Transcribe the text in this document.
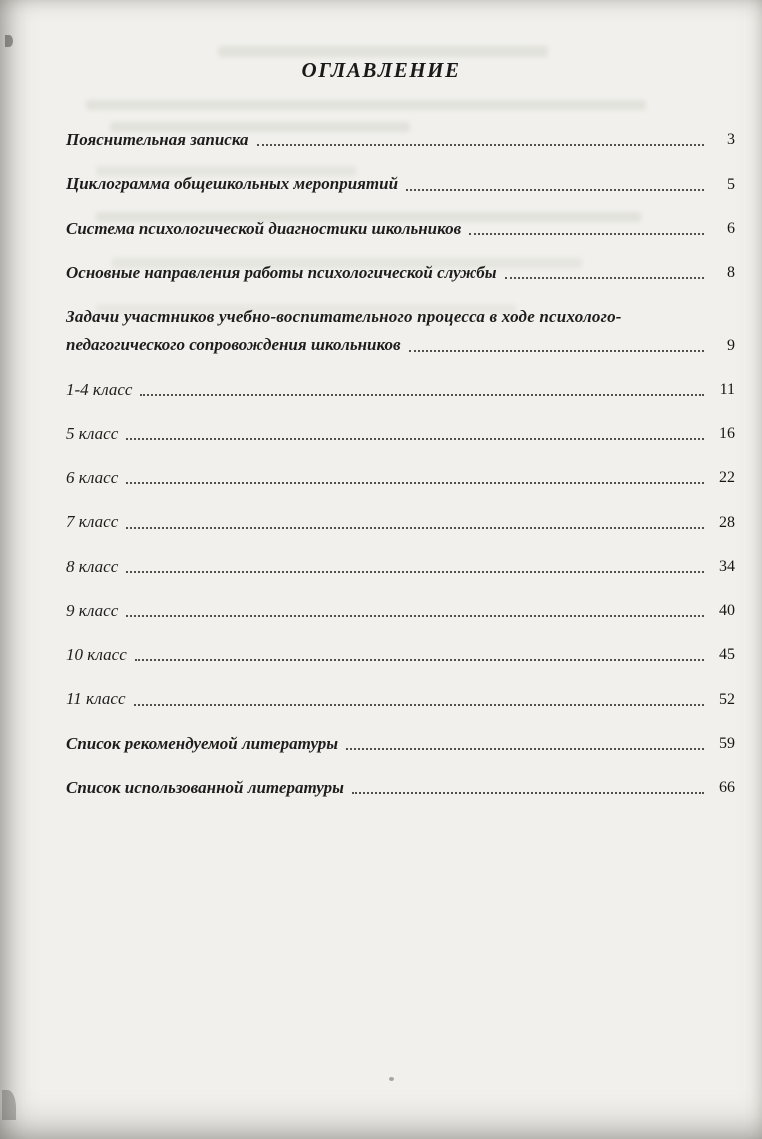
ОГЛАВЛЕНИЕ
Пояснительная записка	3
Циклограмма общешкольных мероприятий	5
Система психологической диагностики школьников	6
Основные направления работы психологической службы	8
Задачи участников учебно-воспитательного процесса в ходе психолого-
педагогического сопровождения школьников	9
1-4 класс	11
5 класс	16
6 класс	22
7 класс	28
8 класс	34
9 класс	40
10 класс	45
11 класс	52
Список рекомендуемой литературы	59
Список использованной литературы	66
